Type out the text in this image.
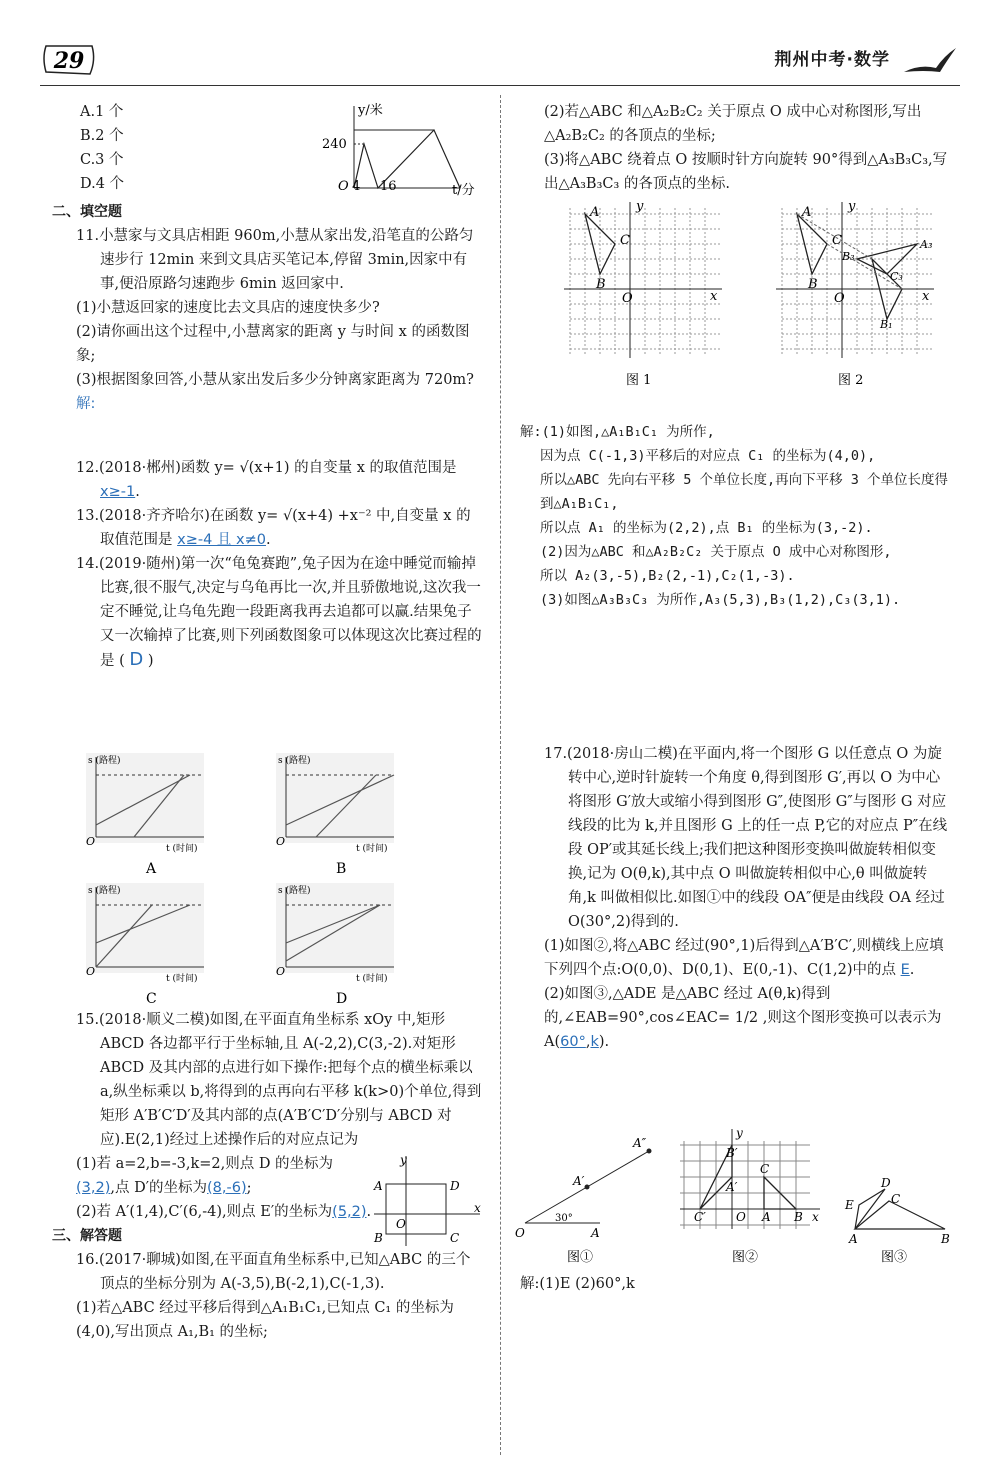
29	荆州中考·数学

A.1 个

B.2 个

C.3 个

D.4 个

二、填空题

11.小慧家与文具店相距 960m,小慧从家出发,沿笔直的公路匀速步行 12min 来到文具店买笔记本,停留 3min,因家中有事,便沿原路匀速跑步 6min 返回家中.

(1)小慧返回家的速度比去文具店的速度快多少?

(2)请你画出这个过程中,小慧离家的距离 y 与时间 x 的函数图象;

(3)根据图象回答,小慧从家出发后多少分钟离家距离为 720m?

解:

12.(2018·郴州)函数 y= √(x+1) 的自变量 x 的取值范围是 x≥-1.

13.(2018·齐齐哈尔)在函数 y= √(x+4) +x⁻² 中,自变量 x 的取值范围是 x≥-4 且 x≠0.

14.(2019·随州)第一次“龟兔赛跑”,兔子因为在途中睡觉而输掉比赛,很不服气,决定与乌龟再比一次,并且骄傲地说,这次我一定不睡觉,让乌龟先跑一段距离我再去追都可以赢.结果兔子又一次输掉了比赛,则下列函数图象可以体现这次比赛过程的是 ( D )

y/米
240
O 4 16	t/分
s (路程)
t (时间)
O
A
s (路程)
t (时间)
O
B
s (路程)
t (时间)
O
C
s (路程)
t (时间)
O
D

15.(2018·顺义二模)如图,在平面直角坐标系 xOy 中,矩形 ABCD 各边都平行于坐标轴,且 A(-2,2),C(3,-2).对矩形 ABCD 及其内部的点进行如下操作:把每个点的横坐标乘以 a,纵坐标乘以 b,将得到的点再向右平移 k(k>0)个单位,得到矩形 A′B′C′D′及其内部的点(A′B′C′D′分别与 ABCD 对应).E(2,1)经过上述操作后的对应点记为

(1)若 a=2,b=-3,k=2,则点 D 的坐标为(3,2),点 D′的坐标为(8,-6);

(2)若 A′(1,4),C′(6,-4),则点 E′的坐标为(5,2).

三、解答题

16.(2017·聊城)如图,在平面直角坐标系中,已知△ABC 的三个顶点的坐标分别为 A(-3,5),B(-2,1),C(-1,3).

(1)若△ABC 经过平移后得到△A₁B₁C₁,已知点 C₁ 的坐标为(4,0),写出顶点 A₁,B₁ 的坐标;

y
x
A	D
B	C
O

(2)若△ABC 和△A₂B₂C₂ 关于原点 O 成中心对称图形,写出△A₂B₂C₂ 的各顶点的坐标;

(3)将△ABC 绕着点 O 按顺时针方向旋转 90°得到△A₃B₃C₃,写出△A₃B₃C₃ 的各顶点的坐标.

y
x
A
C
B
O
图 1
y
x
A
C
B
O
A₃
B₃
C₃
B₁
图 2

解:(1)如图,△A₁B₁C₁ 为所作,

因为点 C(-1,3)平移后的对应点 C₁ 的坐标为(4,0),

所以△ABC 先向右平移 5 个单位长度,再向下平移 3 个单位长度得到△A₁B₁C₁,

所以点 A₁ 的坐标为(2,2),点 B₁ 的坐标为(3,-2).

(2)因为△ABC 和△A₂B₂C₂ 关于原点 O 成中心对称图形,

所以 A₂(3,-5),B₂(2,-1),C₂(1,-3).

(3)如图△A₃B₃C₃ 为所作,A₃(5,3),B₃(1,2),C₃(3,1).

17.(2018·房山二模)在平面内,将一个图形 G 以任意点 O 为旋转中心,逆时针旋转一个角度 θ,得到图形 G′,再以 O 为中心将图形 G′放大或缩小得到图形 G″,使图形 G″与图形 G 对应线段的比为 k,并且图形 G 上的任一点 P,它的对应点 P″在线段 OP′或其延长线上;我们把这种图形变换叫做旋转相似变换,记为 O(θ,k),其中点 O 叫做旋转相似中心,θ 叫做旋转角,k 叫做相似比.如图①中的线段 OA″便是由线段 OA 经过 O(30°,2)得到的.

(1)如图②,将△ABC 经过(90°,1)后得到△A′B′C′,则横线上应填下列四个点:O(0,0)、D(0,1)、E(0,-1)、C(1,2)中的点 E.

(2)如图③,△ADE 是△ABC 经过 A(θ,k)得到的,∠EAB=90°,cos∠EAC= 1/2 ,则这个图形变换可以表示为 A(60°,k).

O	A
A′
A″
30°
图①
y
x
B′
C
A′
C′	O A B
图②
A	B
C
D
E
图③
解:(1)E (2)60°,k
